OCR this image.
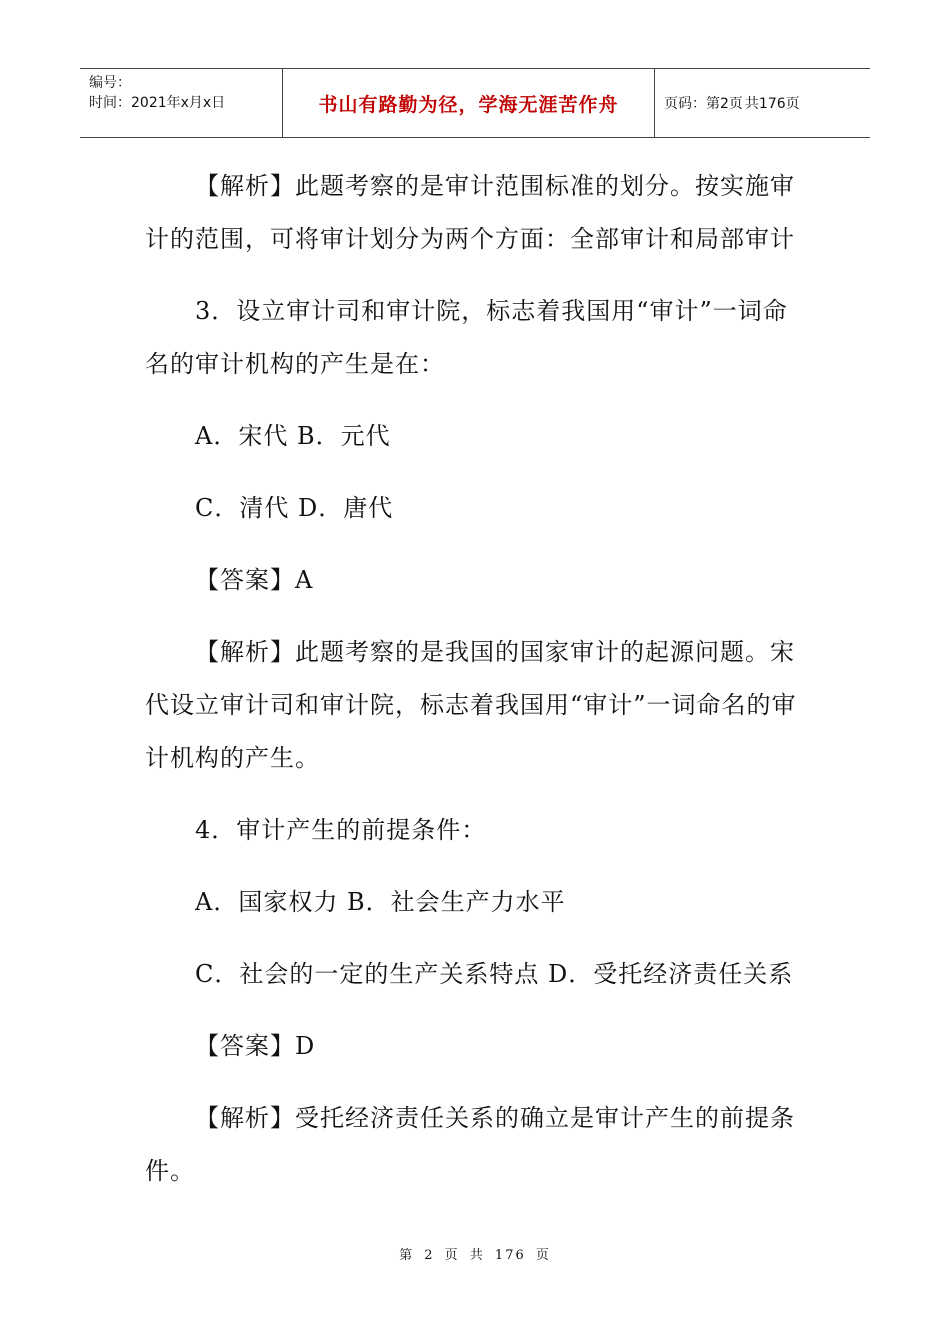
编号：
时间：2021年x月x日	书山有路勤为径，学海无涯苦作舟	页码：第2页 共176页

【解析】此题考察的是审计范围标准的划分。按实施审计的范围，可将审计划分为两个方面：全部审计和局部审计

3．设立审计司和审计院，标志着我国用“审计”一词命名的审计机构的产生是在：

A．宋代 B．元代

C．清代 D．唐代

【答案】A

【解析】此题考察的是我国的国家审计的起源问题。宋代设立审计司和审计院，标志着我国用“审计”一词命名的审计机构的产生。

4．审计产生的前提条件：

A．国家权力 B．社会生产力水平

C．社会的一定的生产关系特点 D．受托经济责任关系

【答案】D

【解析】受托经济责任关系的确立是审计产生的前提条件。

第 2 页 共 176 页
